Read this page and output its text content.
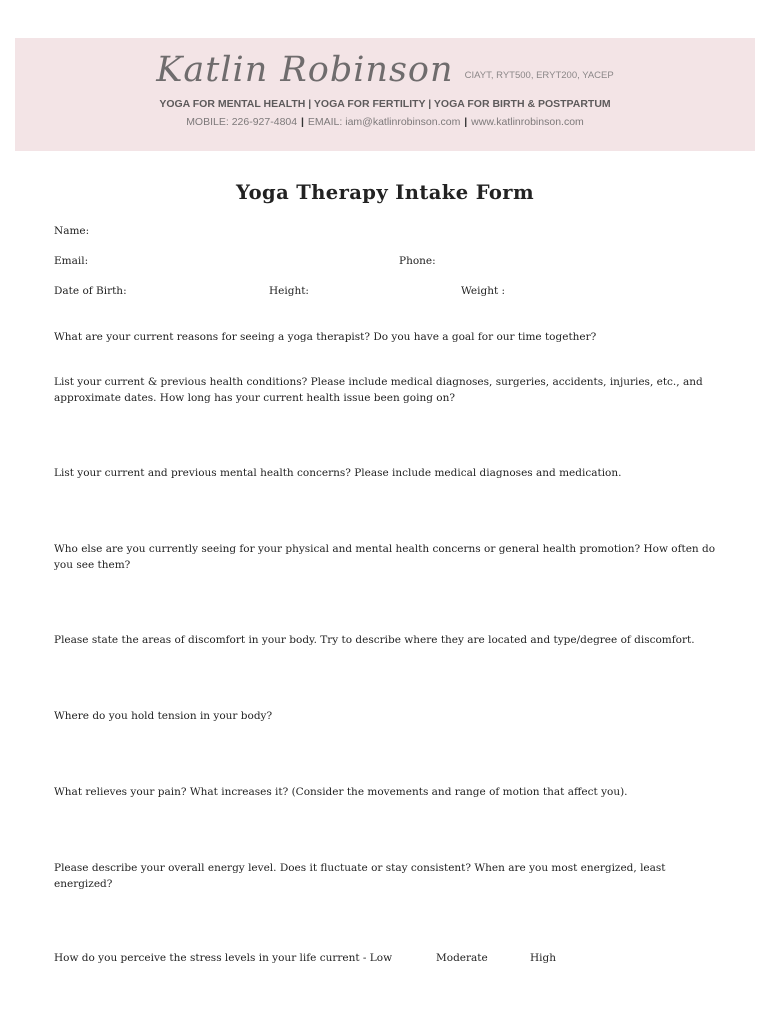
Katlin Robinson CIAYT, RYT500, ERYT200, YACEP
YOGA FOR MENTAL HEALTH | YOGA FOR FERTILITY | YOGA FOR BIRTH & POSTPARTUM
MOBILE: 226-927-4804 | EMAIL: iam@katlinrobinson.com | www.katlinrobinson.com
Yoga Therapy Intake Form
Name:
Email:	Phone:
Date of Birth:	Height:	Weight :
What are your current reasons for seeing a yoga therapist? Do you have a goal for our time together?
List your current & previous health conditions? Please include medical diagnoses, surgeries, accidents, injuries, etc., and approximate dates. How long has your current health issue been going on?
List your current and previous mental health concerns? Please include medical diagnoses and medication.
Who else are you currently seeing for your physical and mental health concerns or general health promotion? How often do you see them?
Please state the areas of discomfort in your body. Try to describe where they are located and type/degree of discomfort.
Where do you hold tension in your body?
What relieves your pain? What increases it? (Consider the movements and range of motion that affect you).
Please describe your overall energy level. Does it fluctuate or stay consistent? When are you most energized, least energized?
How do you perceive the stress levels in your life current - Low	Moderate	High
